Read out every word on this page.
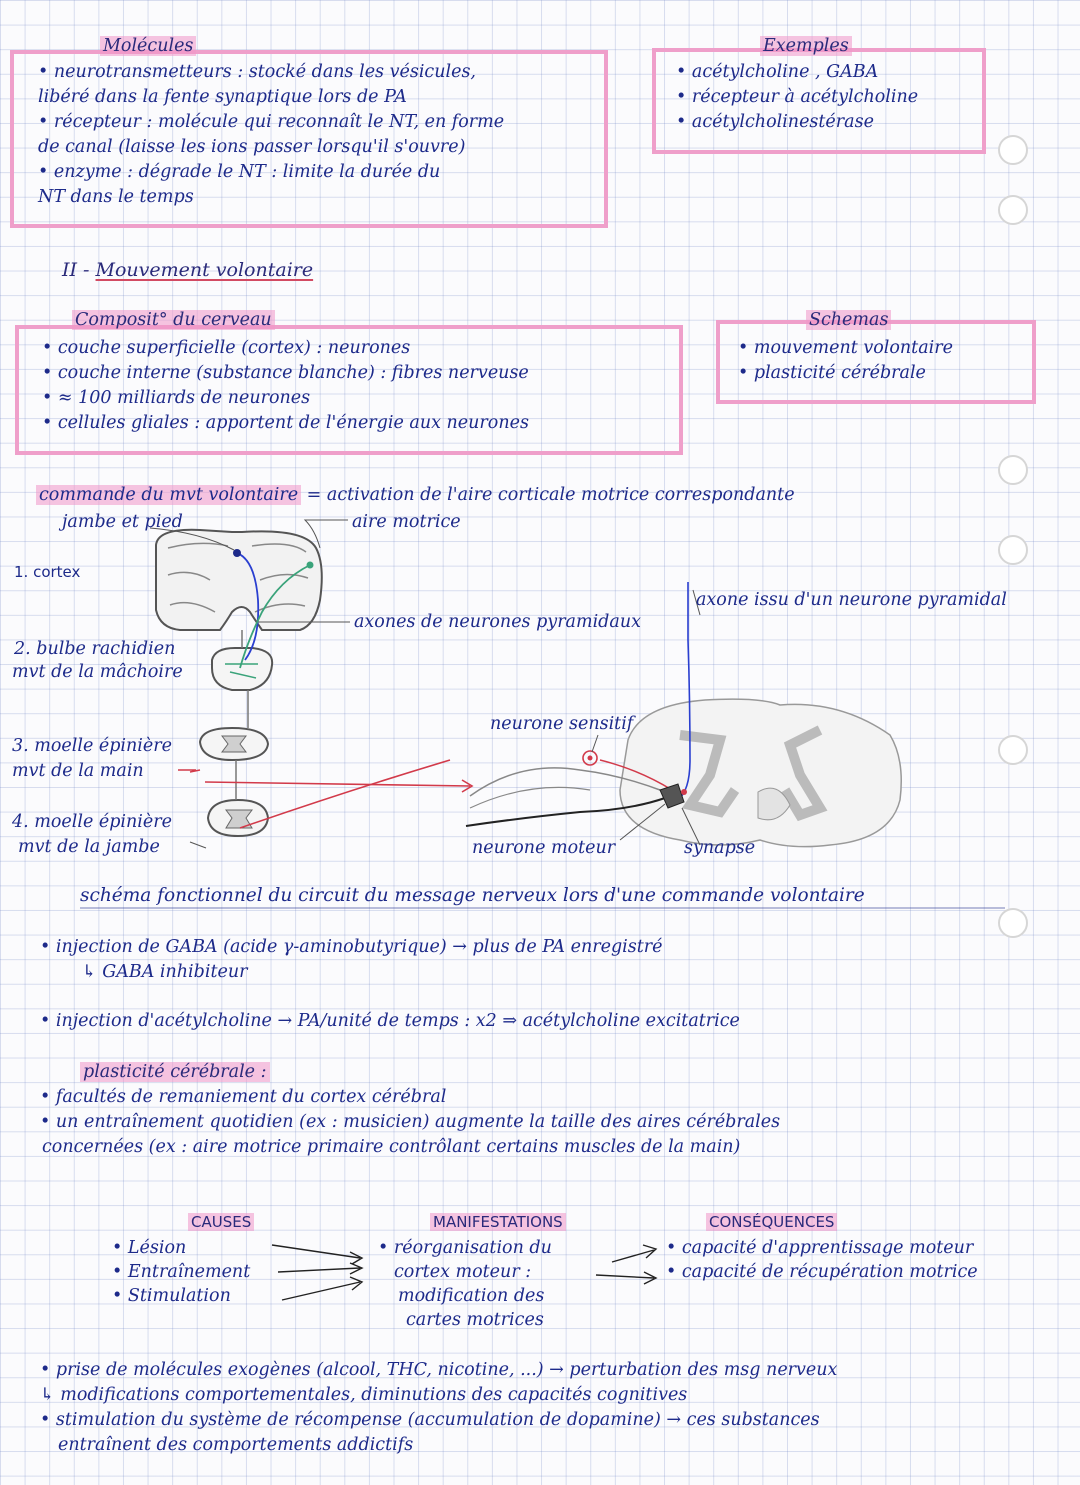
Molécules
• neurotransmetteurs : stocké dans les vésicules,
libéré dans la fente synaptique lors de PA
• récepteur : molécule qui reconnaît le NT, en forme
de canal (laisse les ions passer lorsqu'il s'ouvre)
• enzyme : dégrade le NT : limite la durée du
NT dans le temps
Exemples
• acétylcholine , GABA
• récepteur à acétylcholine
• acétylcholinestérase
II - Mouvement volontaire
Composit° du cerveau
• couche superficielle (cortex) : neurones
• couche interne (substance blanche) : fibres nerveuse
• ≈ 100 milliards de neurones
• cellules gliales : apportent de l'énergie aux neurones
Schemas
• mouvement volontaire
• plasticité cérébrale
commande du mvt volontaire = activation de l'aire corticale motrice correspondante
jambe et pied	aire motrice
1. cortex
2. bulbe rachidien
mvt de la mâchoire
3. moelle épinière
mvt de la main
4. moelle épinière
mvt de la jambe
axones de neurones pyramidaux
axone issu d'un neurone pyramidal
neurone sensitif
neurone moteur	synapse
schéma fonctionnel du circuit du message nerveux lors d'une commande volontaire
• injection de GABA (acide γ-aminobutyrique) → plus de PA enregistré
↳ GABA inhibiteur
• injection d'acétylcholine → PA/unité de temps : x2 ⇒ acétylcholine excitatrice
plasticité cérébrale :
• facultés de remaniement du cortex cérébral
• un entraînement quotidien (ex : musicien) augmente la taille des aires cérébrales
concernées (ex : aire motrice primaire contrôlant certains muscles de la main)
CAUSES
• Lésion
• Entraînement
• Stimulation
MANIFESTATIONS
• réorganisation du
cortex moteur :
modification des
cartes motrices
CONSÉQUENCES
• capacité d'apprentissage moteur
• capacité de récupération motrice
• prise de molécules exogènes (alcool, THC, nicotine, ...) → perturbation des msg nerveux
↳ modifications comportementales, diminutions des capacités cognitives
• stimulation du système de récompense (accumulation de dopamine) → ces substances
entraînent des comportements addictifs
